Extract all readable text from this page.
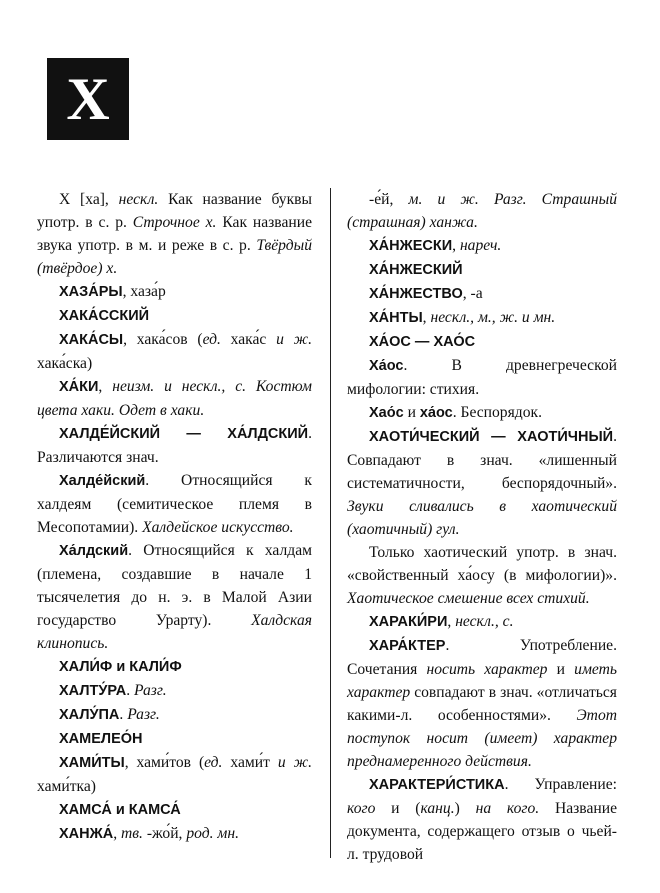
Х

Х [ха], нескл. Как название буквы употр. в с. р. Строчное х. Как название звука употр. в м. и реже в с. р. Твёрдый (твёрдое) х.

ХАЗА́РЫ, хаза́р

ХАКА́ССКИЙ

ХАКА́СЫ, хака́сов (ед. хака́с и ж. хака́ска)

ХА́КИ, неизм. и нескл., с. Костюм цвета хаки. Одет в хаки.

ХАЛДЕ́ЙСКИЙ — ХА́ЛДСКИЙ. Различаются знач.

Халде́йский. Относящийся к халдеям (семитическое племя в Месопотамии). Халдейское искусство.

Ха́лдский. Относящийся к халдам (племена, создавшие в начале 1 тысячелетия до н. э. в Малой Азии государство Урарту). Халдская клинопись.

ХАЛИ́Ф и КАЛИ́Ф

ХАЛТУ́РА. Разг.

ХАЛУ́ПА. Разг.

ХАМЕЛЕО́Н

ХАМИ́ТЫ, хами́тов (ед. хами́т и ж. хами́тка)

ХАМСА́ и КАМСА́

ХАНЖА́, тв. -жо́й, род. мн.

-е́й, м. и ж. Разг. Страшный (страшная) ханжа.

ХА́НЖЕСКИ, нареч.

ХА́НЖЕСКИЙ

ХА́НЖЕСТВО, -а

ХА́НТЫ, нескл., м., ж. и мн.

ХА́ОС — ХАО́С

Ха́ос. В древнегреческой мифологии: стихия.

Хао́с и ха́ос. Беспорядок.

ХАОТИ́ЧЕСКИЙ — ХАОТИ́ЧНЫЙ. Совпадают в знач. «лишенный систематичности, беспорядочный». Звуки сливались в хаотический (хаотичный) гул.

Только хаотический употр. в знач. «свойственный ха́осу (в мифологии)». Хаотическое смешение всех стихий.

ХАРАКИ́РИ, нескл., с.

ХАРА́КТЕР. Употребление. Сочетания носить характер и иметь характер совпадают в знач. «отличаться какими-л. особенностями». Этот поступок носит (имеет) характер преднамеренного действия.

ХАРАКТЕРИ́СТИКА. Управление: кого и (канц.) на кого. Название документа, содержащего отзыв о чьей-л. трудовой
